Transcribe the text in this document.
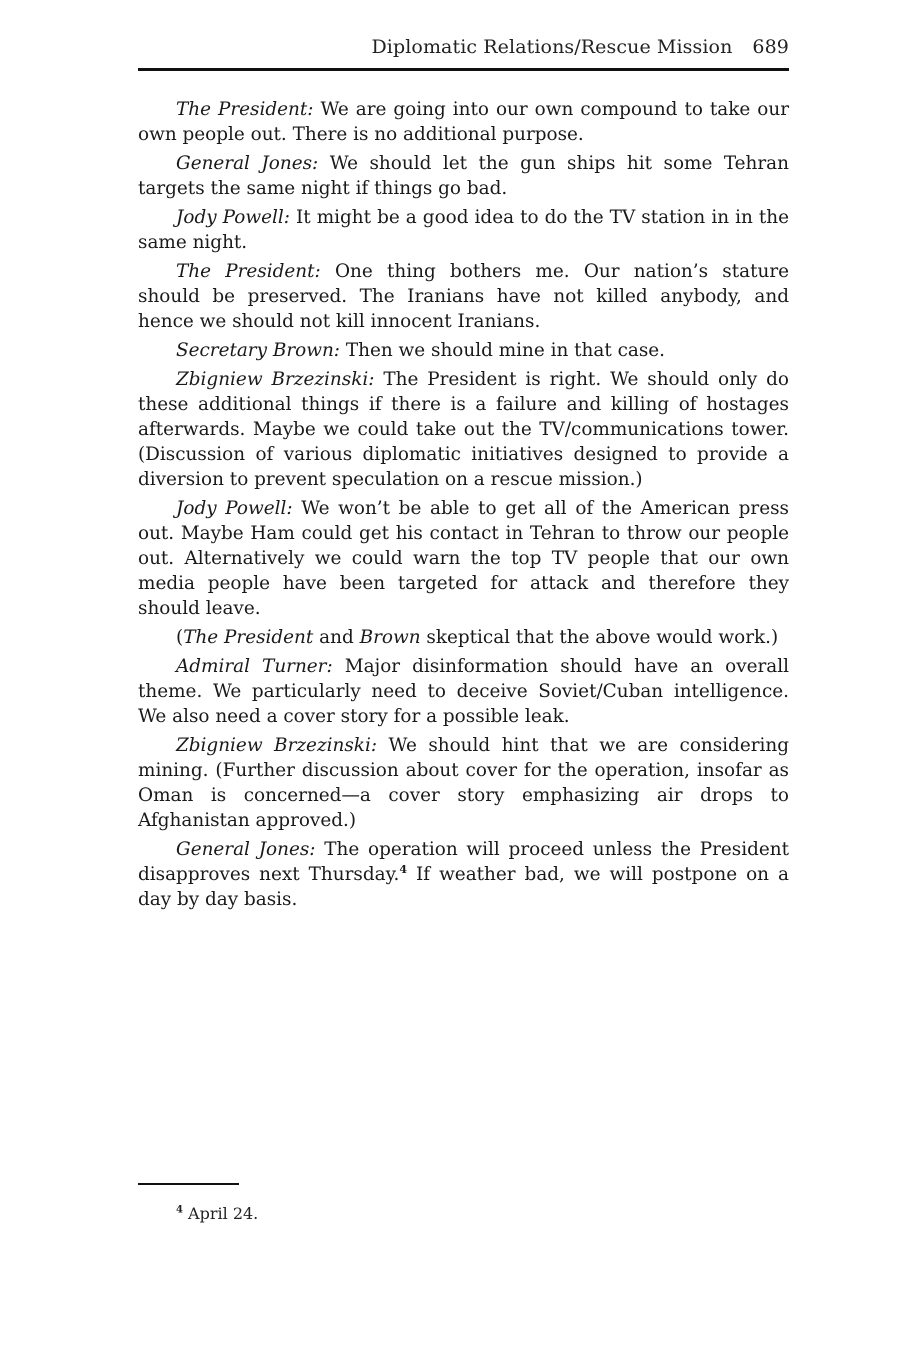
Diplomatic Relations/Rescue Mission 689

The President: We are going into our own compound to take our own people out. There is no additional purpose.

General Jones: We should let the gun ships hit some Tehran targets the same night if things go bad.

Jody Powell: It might be a good idea to do the TV station in in the same night.

The President: One thing bothers me. Our nation’s stature should be preserved. The Iranians have not killed anybody, and hence we should not kill innocent Iranians.

Secretary Brown: Then we should mine in that case.

Zbigniew Brzezinski: The President is right. We should only do these additional things if there is a failure and killing of hostages afterwards. Maybe we could take out the TV/communications tower. (Discussion of various diplomatic initiatives designed to provide a diversion to prevent speculation on a rescue mission.)

Jody Powell: We won’t be able to get all of the American press out. Maybe Ham could get his contact in Tehran to throw our people out. Alternatively we could warn the top TV people that our own media people have been targeted for attack and therefore they should leave.

(The President and Brown skeptical that the above would work.)

Admiral Turner: Major disinformation should have an overall theme. We particularly need to deceive Soviet/Cuban intelligence. We also need a cover story for a possible leak.

Zbigniew Brzezinski: We should hint that we are considering mining. (Further discussion about cover for the operation, insofar as Oman is concerned—a cover story emphasizing air drops to Afghanistan approved.)

General Jones: The operation will proceed unless the President disapproves next Thursday.$^4$ If weather bad, we will postpone on a day by day basis.

$^4$ April 24.
